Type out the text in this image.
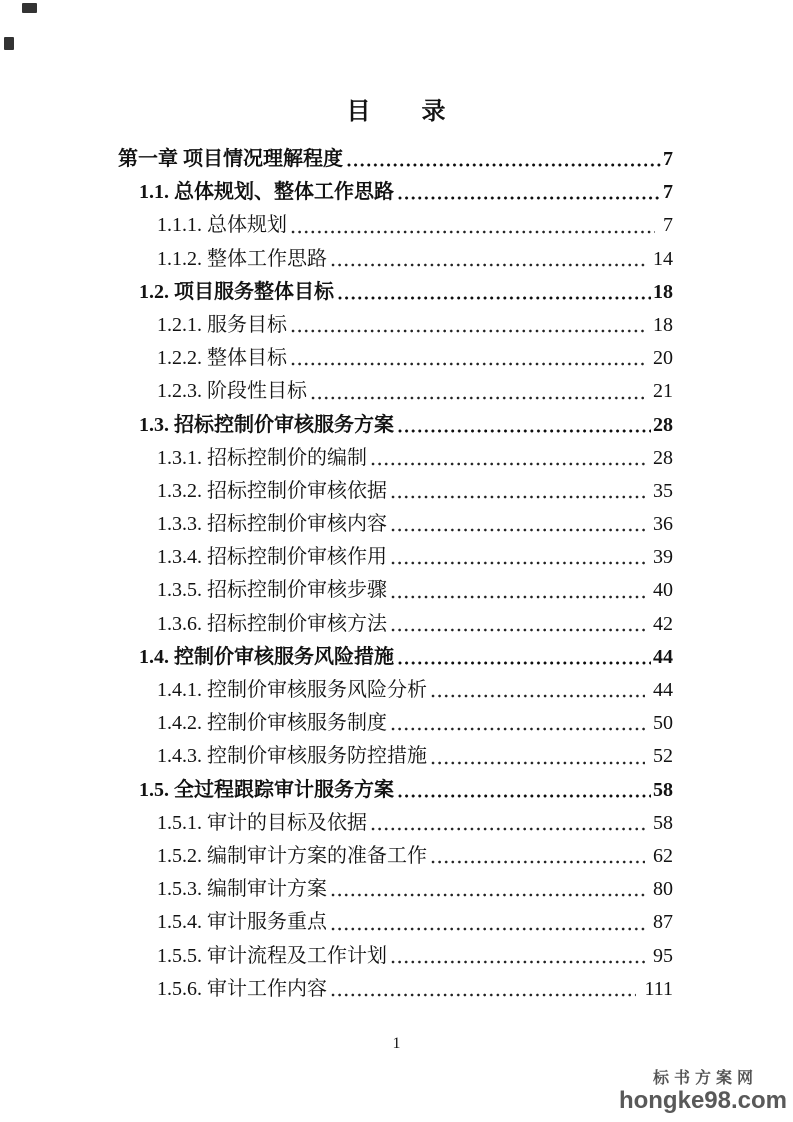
目　　录
第一章 项目情况理解程度	7
1.1. 总体规划、整体工作思路	7
1.1.1. 总体规划	7
1.1.2. 整体工作思路	14
1.2. 项目服务整体目标	18
1.2.1. 服务目标	18
1.2.2. 整体目标	20
1.2.3. 阶段性目标	21
1.3. 招标控制价审核服务方案	28
1.3.1. 招标控制价的编制	28
1.3.2. 招标控制价审核依据	35
1.3.3. 招标控制价审核内容	36
1.3.4. 招标控制价审核作用	39
1.3.5. 招标控制价审核步骤	40
1.3.6. 招标控制价审核方法	42
1.4. 控制价审核服务风险措施	44
1.4.1. 控制价审核服务风险分析	44
1.4.2. 控制价审核服务制度	50
1.4.3. 控制价审核服务防控措施	52
1.5. 全过程跟踪审计服务方案	58
1.5.1. 审计的目标及依据	58
1.5.2. 编制审计方案的准备工作	62
1.5.3. 编制审计方案	80
1.5.4. 审计服务重点	87
1.5.5. 审计流程及工作计划	95
1.5.6. 审计工作内容	111
1
标书方案网
hongke98.com
